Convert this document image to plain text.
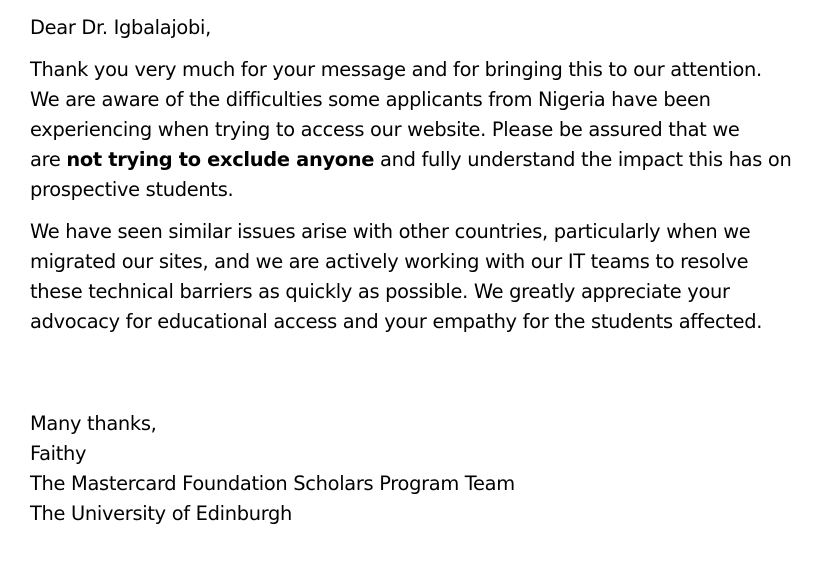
Dear Dr. Igbalajobi,
Thank you very much for your message and for bringing this to our attention.
We are aware of the difficulties some applicants from Nigeria have been
experiencing when trying to access our website. Please be assured that we
are not trying to exclude anyone and fully understand the impact this has on
prospective students.
We have seen similar issues arise with other countries, particularly when we
migrated our sites, and we are actively working with our IT teams to resolve
these technical barriers as quickly as possible. We greatly appreciate your
advocacy for educational access and your empathy for the students affected.
Many thanks,
Faithy
The Mastercard Foundation Scholars Program Team
The University of Edinburgh
